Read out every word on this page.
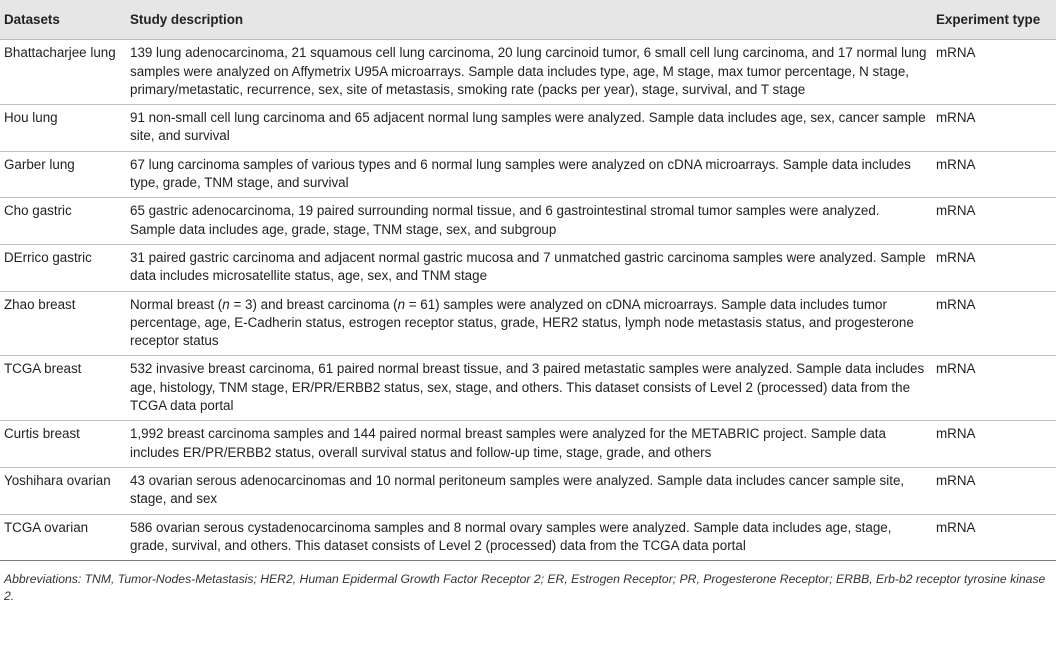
Datasets	Study description	Experiment type
Bhattacharjee lung	139 lung adenocarcinoma, 21 squamous cell lung carcinoma, 20 lung carcinoid tumor, 6 small cell lung carcinoma, and 17 normal lung samples were analyzed on Affymetrix U95A microarrays. Sample data includes type, age, M stage, max tumor percentage, N stage, primary/metastatic, recurrence, sex, site of metastasis, smoking rate (packs per year), stage, survival, and T stage	mRNA
Hou lung	91 non-small cell lung carcinoma and 65 adjacent normal lung samples were analyzed. Sample data includes age, sex, cancer sample site, and survival	mRNA
Garber lung	67 lung carcinoma samples of various types and 6 normal lung samples were analyzed on cDNA microarrays. Sample data includes type, grade, TNM stage, and survival	mRNA
Cho gastric	65 gastric adenocarcinoma, 19 paired surrounding normal tissue, and 6 gastrointestinal stromal tumor samples were analyzed. Sample data includes age, grade, stage, TNM stage, sex, and subgroup	mRNA
DErrico gastric	31 paired gastric carcinoma and adjacent normal gastric mucosa and 7 unmatched gastric carcinoma samples were analyzed. Sample data includes microsatellite status, age, sex, and TNM stage	mRNA
Zhao breast	Normal breast (n = 3) and breast carcinoma (n = 61) samples were analyzed on cDNA microarrays. Sample data includes tumor percentage, age, E-Cadherin status, estrogen receptor status, grade, HER2 status, lymph node metastasis status, and progesterone receptor status	mRNA
TCGA breast	532 invasive breast carcinoma, 61 paired normal breast tissue, and 3 paired metastatic samples were analyzed. Sample data includes age, histology, TNM stage, ER/PR/ERBB2 status, sex, stage, and others. This dataset consists of Level 2 (processed) data from the TCGA data portal	mRNA
Curtis breast	1,992 breast carcinoma samples and 144 paired normal breast samples were analyzed for the METABRIC project. Sample data includes ER/PR/ERBB2 status, overall survival status and follow-up time, stage, grade, and others	mRNA
Yoshihara ovarian	43 ovarian serous adenocarcinomas and 10 normal peritoneum samples were analyzed. Sample data includes cancer sample site, stage, and sex	mRNA
TCGA ovarian	586 ovarian serous cystadenocarcinoma samples and 8 normal ovary samples were analyzed. Sample data includes age, stage, grade, survival, and others. This dataset consists of Level 2 (processed) data from the TCGA data portal	mRNA
Abbreviations: TNM, Tumor-Nodes-Metastasis; HER2, Human Epidermal Growth Factor Receptor 2; ER, Estrogen Receptor; PR, Progesterone Receptor; ERBB, Erb-b2 receptor tyrosine kinase 2.
